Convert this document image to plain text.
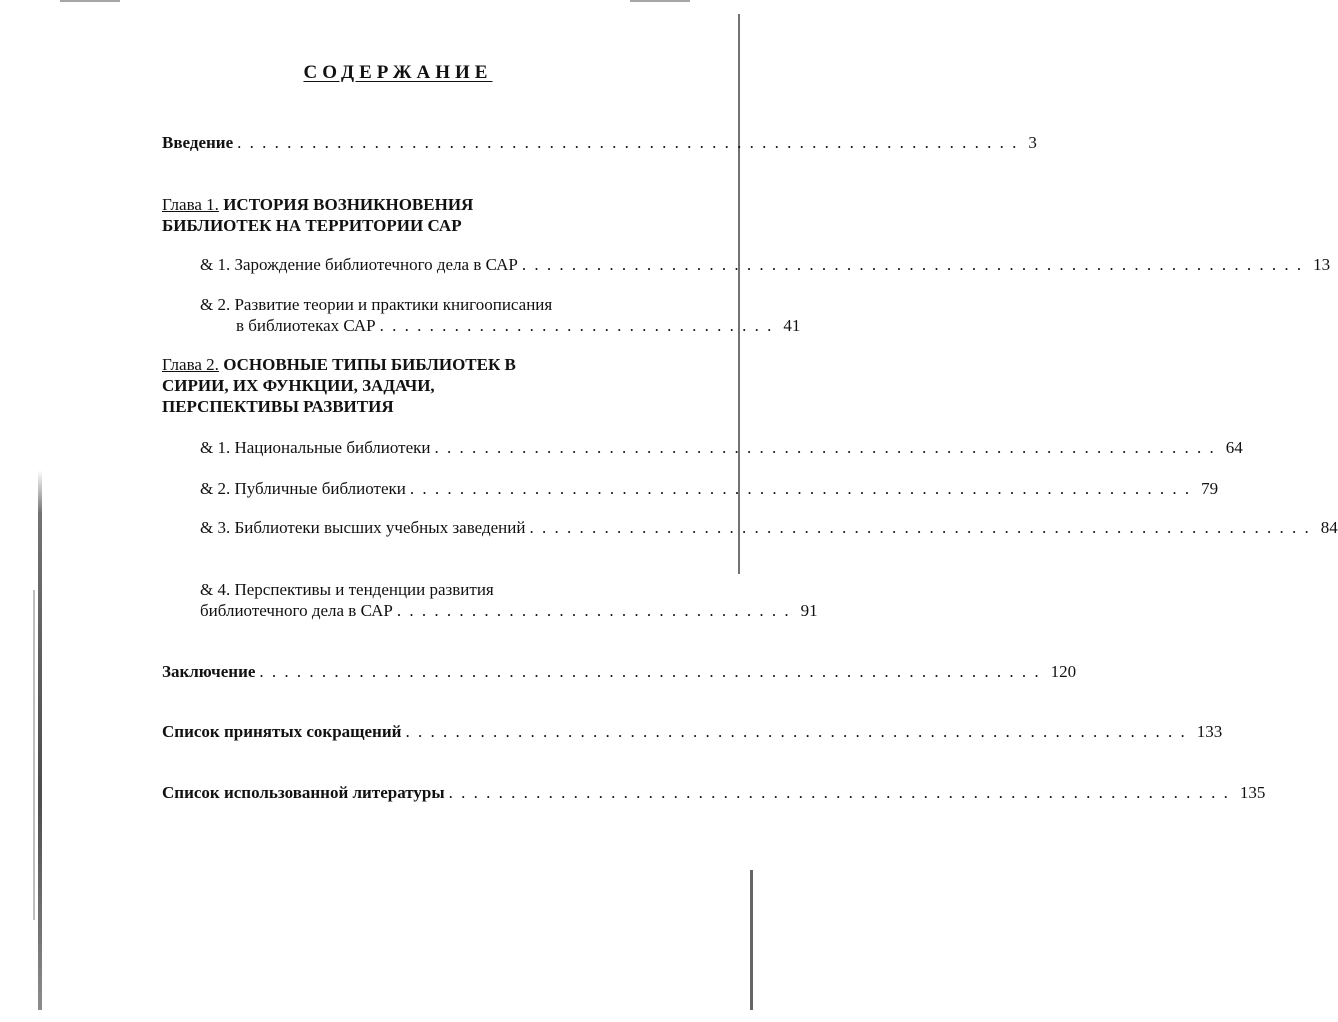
СОДЕРЖАНИЕ
Введение . . .	3
Глава 1. ИСТОРИЯ ВОЗНИКНОВЕНИЯ
БИБЛИОТЕК НА ТЕРРИТОРИИ САР
& 1. Зарождение библиотечного дела в САР . . .	13
& 2. Развитие теории и практики книгоописания
в библиотеках САР . . . . . . . . . . . . . . . . . . . . . . . . . . . . . . . . 41
Глава 2. ОСНОВНЫЕ ТИПЫ БИБЛИОТЕК В
СИРИИ, ИХ ФУНКЦИИ, ЗАДАЧИ,
ПЕРСПЕКТИВЫ РАЗВИТИЯ
& 1. Национальные библиотеки . . .	64
& 2. Публичные библиотеки . . .	79
& 3. Библиотеки высших учебных заведений . . .	84
& 4. Перспективы и тенденции развития
библиотечного дела в САР . . . . . . . . . . . . . . . . . . . . . . . . . . . . . . . . 91
Заключение . . .	120
Список принятых сокращений . . .	133
Список использованной литературы . . .	135
